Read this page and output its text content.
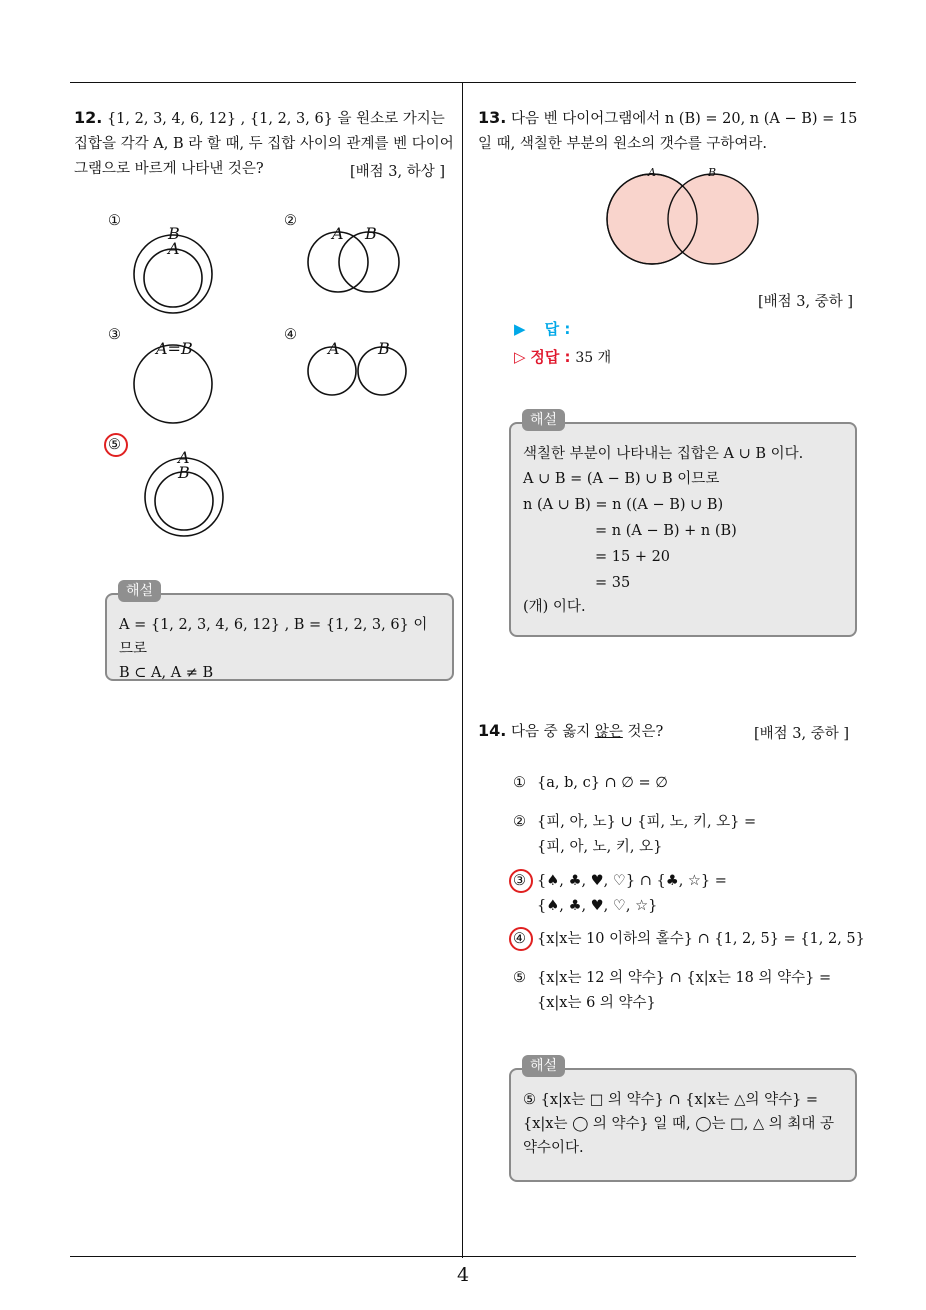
4
12. {1, 2, 3, 4, 6, 12} , {1, 2, 3, 6} 을 원소로 가지는 집합을 각각 A, B 라 할 때, 두 집합 사이의 관계를 벤 다이어그램으로 바르게 나타낸 것은?	[배점 3, 하상 ]
①
B
A
②
A B
③
A=B
④
A B
⑤
A
B
A = {1, 2, 3, 4, 6, 12} , B = {1, 2, 3, 6} 이므로
B ⊂ A, A ≠ B
해설
13. 다음 벤 다이어그램에서 n (B) = 20, n (A − B) = 15 일 때, 색칠한 부분의 원소의 갯수를 구하여라.
A	B
[배점 3, 중하 ]
▶ 답 :
▷ 정답 : 35 개
색칠한 부분이 나타내는 집합은 A ∪ B 이다.
A ∪ B = (A − B) ∪ B 이므로
n (A ∪ B) = n ((A − B) ∪ B)
= n (A − B) + n (B)
= 15 + 20
= 35
(개) 이다.
해설
14. 다음 중 옳지 않은 것은?	[배점 3, 중하 ]
① {a, b, c} ∩ ∅ = ∅
② {피, 아, 노} ∪ {피, 노, 키, 오} =
{피, 아, 노, 키, 오}
③ {♠, ♣, ♥, ♡} ∩ {♣, ☆} =
{♠, ♣, ♥, ♡, ☆}
④ {x|x는 10 이하의 홀수} ∩ {1, 2, 5} = {1, 2, 5}
⑤ {x|x는 12 의 약수} ∩ {x|x는 18 의 약수} =
{x|x는 6 의 약수}
⑤ {x|x는 □ 의 약수} ∩ {x|x는 △의 약수} =
{x|x는 ◯ 의 약수} 일 때, ◯는 □, △ 의 최대 공
약수이다.
해설
